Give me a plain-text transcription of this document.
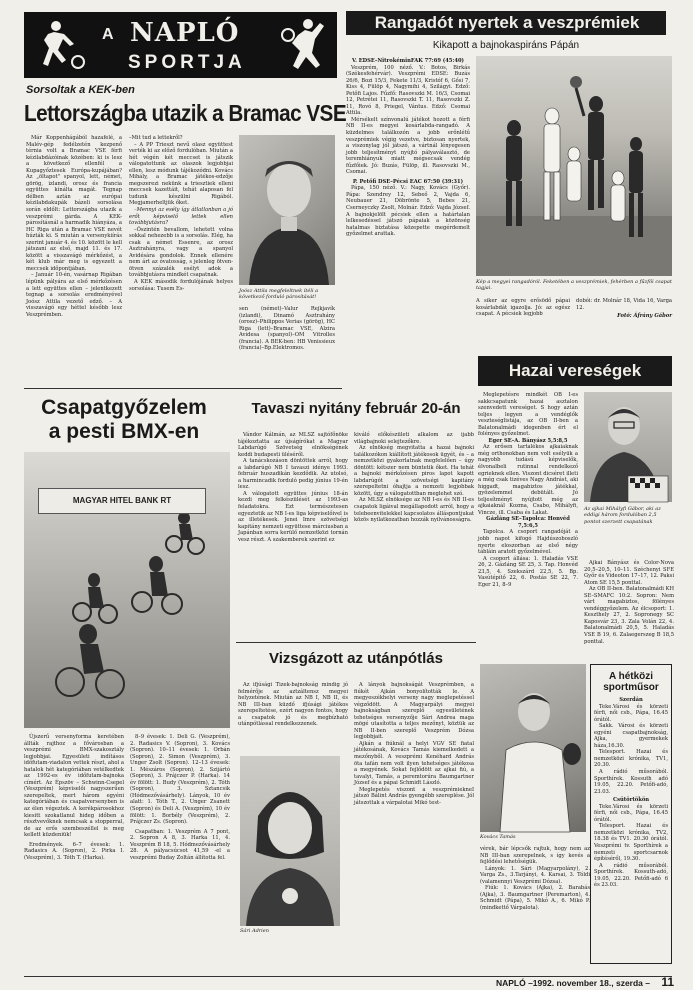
A NAPLÓ
SPORTJA
Rangadót nyertek a veszprémiek
Kikapott a bajnokaspiráns Pápán

V. EDSE–NitrokéminFAK 77:69 (45:40)

Veszprém, 100 néző. V.: Botos, Birkás (Székesfehérvár). Veszprémi EDSE: Buzás 26/6, Bozi 15/3, Fekete 11/3, Kristóf 6, Gősi 7, Kiss 4, Fülöp 4, Nagymihi 4, Szilágyi. Edző: Petőfi Lajos. Fűzfő: Rasovszki M. 16/3, Csomai 12, Petrétei 11, Rasovszki T. 11, Rasovszki Z. 11, Rovó 8, Priegel, Vántus. Edző: Csomai Attila.

Mérsékelt színvonalú játékot hozott a férfi NB II-es megyei kosárlabda-rangadó. A küzdelmes találkozón a jobb erőnlétű veszprémiek végig vezetve, biztosan nyertek, a viszonylag jól játszó, a vártnál lényegesen jobb teljesítményt nyújtó pályaválasztó, de teremhiányuk miatt mégsecsak vendég fűzfőiek. Jó: Buzás, Fülöp, ill. Rasovszki M., Csomai.

P. Petőfi DSE–Pécsi EAC 67:50 (39:31)

Pápa, 150 néző. V.: Nagy, Kovács (Győr). Pápa: Szendrey 12, Sebeő 2, Vajda 6, Neubauer 21, Döbrönte 5, Bebes 21, Cserneyczky Zsolt, Molnár. Edző: Vajda József. A bajnokjelölt pécsiek ellen a határtalan lelkesedéssel játszó pápaiak a közönség hatalmas biztatása közepette megérdemelt győzelmet arattak.

Kép a megyei rangadóról. Feketében a veszprémiek, fehérben a fűzfői csapat tagjai.
A siker az egyre erősödő pápai kosárlabdát igazolja. Jó: az egész csapat. A pécsiek legjobb

dobói: dr. Molnár 18, Vida 16, Varga 12.

Fotó: Áfrány Gábor

Sorsoltak a KEK-ben
Lettországba utazik a Bramac VSE

Már Koppenhágából hazafelé, a Malév-gép fedélzetén kezpenő térnia volt a Bramac VSE férfi kézilabdázóinak közében: ki is lesz a következő ellenfél a Kupagyőztesek Európa-kupájában? Az „öltapot" spanyol, lett, német, görög, izlandi, orosz és francia együttes kínálta magát. Tegnap délben aztán az európai kézilabdakupák bázeli sorsolása során eldőlt: Lettországba utazik a veszprémi gárda. A KEK-párosításnál a harmadik hiányáza, a HC Riga után a Bramac VSE nevét húzták ki. S miután a versenykiírás szerint január 4. és 10. között le kell játszani az első, majd 11. és 17. között a visszavágó mérkőzést, a két klub már meg is egyezett a meccsek időpontjában.

– Január 10-én, vasárnap Rigában lépünk pályára az első mérkőzésen a lett együttes ellen – jelentkezett tegnap a sorsolás eredményével Joósz Attila vezető edző. – A visszavágó egy héttel később lesz Veszprémben.

–Mit tud a lettekről?

– A PP Trieszt nevű olasz együttest verték ki az előző fordulóban. Miután a hét végén két meccset is játszik válogatottunk az olaszok legjobbjai ellen, lesz módunk tájékozódni. Kovács Mihály, a Bramac játékos-edzője megszerezi nekünk a triesztiek elleni meccsek kazettáit, tehát alaposan fel tudunk készülni Rigából. Megjamerheltjük őket.

–Mennyi az esély így átlatlanban a jó erőt képviselő lettek ellen továbbjutásra?

–Őszintén bevallom, lehetett volna sokkal nehezebb is a sorsolás. Elég, ha csak a német Essenre, az orosz Asztrahányra, vagy a spanyol Avidésára gondolok. Ennek ellenére nem árt az óvatosság, s jelenleg ötven-ötven százalék esélyt adok a továbbjutásra mindkét csapatnak.

A KEK második fordulójának helyes sorsolása: Tusem Es-	Joósz Attila megfeleltnek ítéli a következő forduló párosítását!
sen (német)–Valur Rejkjavík (izlandi), Dinamó Asztrahány (orosz)–Philippos Verias (görög), HC Riga (lett)–Bramac VSE, Alzira Avidesa (spanyol)–OM Vitrolles (francia). A BEK-ben: HB Venissieux (francia)–Bp.Elektromos.
Csapatgyőzelem
a pesti BMX-en
MAGYAR HITEL BANK RT

Újszerű versenyforma keretében állták rajthoz a fővárosban a veszprémi BMX-szakosztály legjobbjai. Egyesületi indításos időfutam-viadalon vettek részt, ahol a hatalok hét kategóriában vetélkedtek az 1992-es év időfutam-bajnoka címért. Az Épszöv – Schwinn-Csepel (Veszprém) képviselői nagyszerűen szerepeltek, mert három egyéni kategóriában és csapatversenyben is az élen végeztek. A kerékpárosokhoz kiesitt szokatlanul hideg időben a résztvevőknek nemcsak a stopperral, de az erős szembeszéllel is meg kellett küzdeniük!

Eredmények. 6–7 évesek: 1. Radasics A. (Sopron), 2. Pirka I. (Veszprém), 3. Tóth T. (Harka).

8–9 évesek: 1. Deli G. (Veszprém), 2. Radasics V. (Sopron), 3. Kovács (Sopron). 10–11 évesek: 1. Orbán (Sopron), 2. Simon (Veszprém), 3. Unger Zsolt (Sopron). 12–13 évesek: 1. Mészáros (Sopron), 2. Szijártó (Sopron), 3. Prájczer P. (Harka). 14 év fölött: 1. Budy (Veszprém), 2. Tóth (Sopron), 3. Sztancsik (Hódmezővásárhely). Lányok, 10 év alatt: 1. Tóth T., 2. Unger Zsanett (Sopron) és Deli A. (Veszprém), 10 év fölött: 1. Borbély (Veszprém), 2. Prájczer Zs. (Sopron).

Csapatban: 1. Veszprém A 7 pont, 2. Sopron A 8, 3. Harka 11, 4. Veszprém B 18, 5. Hódmezővásárhely 28. A pályacsúcsot 41,59 -el a veszprémi Buday Zoltán állította fel.

Tavaszi nyitány február 20-án

Vándor Kálmán, az MLSZ sajtófőnöke tájékoztatta az újságírókat a Magyar Labdarúgó Szövetség elnökségének keddi budapesti üléséről.

A tanácskozáson döntöttek arról, hogy a labdarúgó NB I tavaszi idénye 1993. február huszadikán kezdődik. Az utolsó, a harmincadik forduló pedig június 19-én lesz.

A válogatott együttes június 18-án kezdi meg felkészülését az 1993-as feladatokra. Ezt természetesen egyeztetik az NB I-es liga képviselőivel is az illetékesek. Jenei Imre szövetségi kapitány nemzeti együttese márciusban a Japánban sorra kerülő nemzetközi tornán vesz részt. A szakemberek szerint ez

kiváló előkészületi alkalom az ijabb világbajnoki selejtezőkre.

Az elnökség megvitatta a hazai bajnoki találkozókon kiállított játékosok ügyét, és – a nemzetközi gyakorlatnak megfelelően – úgy döntött: kétszer nem büntetik őket. Ha tehát a bajnoki mérkőzésen piros lapot kapott labdarúgót a szövetségi kapitány szerepeltetni óhajtja a nemzeti legjobbak között, úgy a válogatottban meglehet szó.

Az MLSZ elnöksége az NB I-es és NB II-es csapatok ligáival megállapodott arról, hogy a telebeenvitelekkel kapcsolatos álláspontjukat közös nyilatkozatban hozzák nyilvánosságra.

Vizsgázott az utánpótlás

Az ifjúsági Tizek-bajnokság mindig jó felmérője az aztzáltensz megyei helyzetének. Miután az NB I, NB II, és NB III-ban küzdő ifjúsági játékos szerepeltetése, ezért nagyon fontos, hogy a csapatok jó és megbízható utánpótlással rendelkezzenek.

Sári Adrien

A lányok bajnokságát Veszprémben, a fiúkét Ajkán bonyolították le. A megyeszékhelyi verseny nagy meglepetéssel végződött. A Magyarpályi megyei bajnokságban szereplő egyesületének tehetséges versenyzője Sári Andrea maga mögé utasította a teljes mezőnyt, köztük az NB II-ben szereplő Veszprém Dózsa legjobbjait.

Ajkán a fiúknál a helyi VGV SE fiatal játékosának, Kovács Tamás kiemelkedett a mezőnyből. A veszprémi Kenéhard András öta tafán nem volt ilyen tehetséges játékosa a megyének. Sokat fejlődött az ajkai fiú, a tavalyi, Tamás, a peremtorúra Baumgartner József és a pápai Schmidt László.

Meglepetés viszont a veszprémiekneI játszó Bálint András gyengébb szereplése. Jól játszottak a várpalotai Mikó test-

Kovács Tamás

vérek, bár lépcsők rajtuk, hogy nem az NB III-ban szerepelnek, s így kevés a fejlődési lehetőségük.

Lányok: 1. Sári (Magyarpolány), 2. Varga Zs., 3.Tarjányi, 4. Karsai, 3. Tóldi (valamennyi Veszprémi Dózsa).

Fiúk: 1. Kovács (Ajka), 2. Barabás (Ajka), 3. Baumgartner (Peremarton), 4. Schmidt (Pápa), 5. Mikó A., 6. Mikó P. (mindkettő Várpalota).

Hazai vereségek

Meglepetésre mindkét OB I-es sakkcsapatunk hazai asztalon szenvedett vereséget. S hogy aztán teljes legyen a vendéglők veszteséglistája, az OB II-ben a Balatonalmádi idegenben ért el folényes győzelmet.

Eger SE–A. Bányász 5,5:8,5

Az erősen tartalékos ajkaiaknak még orthonokban nem volt esélyük a nagyobb tudású képviselők, élvonalbeli rutinnal rendelkező egrieknek ellen. Viszont dicséret illeti a még csak tizéves Nagy Andrást, aki higgadt, magabiztos játékkal, győzelemmel debütált. Jó teljesítményt nyújtott még az ajkaiaknál Kozma, Csabo, Mihályfi, Vincze, ill. Csaba és Lakat.

Gázláng SE–Tapolca: Honvéd 7,5:6,5

Tapolca. A csoport rangadóját a jobb napot kifogó Hajdúszoboszló nyerte eloszorban az első négy tábláin aratott győzelmével.

A csoport állása: 1. Haladás VSE 26, 2. Gázláng SE 25, 3. Tap. Honvéd 23,5, 4. Szekszárd 22,5, 5. Bp. Vasútépítő 22, 6. Postás SE 22, 7. Eger 21, 8–9

Az ajkai Mihályfi Gábor, aki az eddigi három fordulóban 2,5 pontot szerzett csapatának

Ajkai Bányász és Color-Nova 20,5–20,5, 10–11. Széchenyi SFE Győr és Videoton 17–17, 12. Paksi Atom SE 15,5 ponttal.

Az OB II-ben. Balatonalmádi KH SE–SMAFC 10:2. Sopron: Nem várt magabiztos, fölényes vendéggyőzelem. Az élcsoport: 1. Keszthely 27, 2. Sopronegy SC Kaposvár 23, 3. Zala Volán 22, 4. Balatonalmádi 20,5, 5. Haladás VSE B 19, 6. Zalaegerszeg B 18,5 ponttal.

A hétközi
sportműsor

Szerdán

Teke.Városi és körzeti férfi, női csb., Pápa, 16.45 órától.

Sakk. Városi és körzeti egyéni csapatbajnokság, Ajka, gyermekek háza,16.30.

Telesport. Hazai és nemzetközi krónika, TV1, 20.30.

A rádió műsorából. Sporthírek. Kossuth adó 19.05, 22.20. Petőfi-adó, 23.03.

Csütörtökön

Teke.Városi és körzeti férfi, női csb., Pápa, 16.45 órától.

Telesport. Hazai és nemzetközi krónika, TV2, 18.38 és TV1. 20.30 órától. Veszprémi tv. Sporthírek a nemzeti sportcsarnok építéséről, 19.30.

A rádió műsorából. Sporthírek. Kossuth-adó, 19.05, 22.20. Petőfi-adó 6 és 23.03.

NAPLÓ –1992. november 18., szerda – 11
